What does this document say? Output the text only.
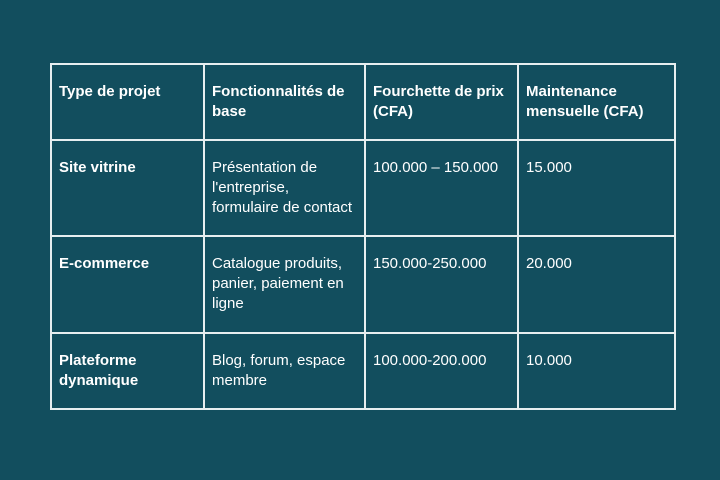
Type de projet	Fonctionnalités de base	Fourchette de prix (CFA)	Maintenance mensuelle (CFA)
Site vitrine	Présentation de l'entreprise, formulaire de contact	100.000 – 150.000	15.000
E-commerce	Catalogue produits, panier, paiement en ligne	150.000-250.000	20.000
Plateforme dynamique	Blog, forum, espace membre	100.000-200.000	10.000
